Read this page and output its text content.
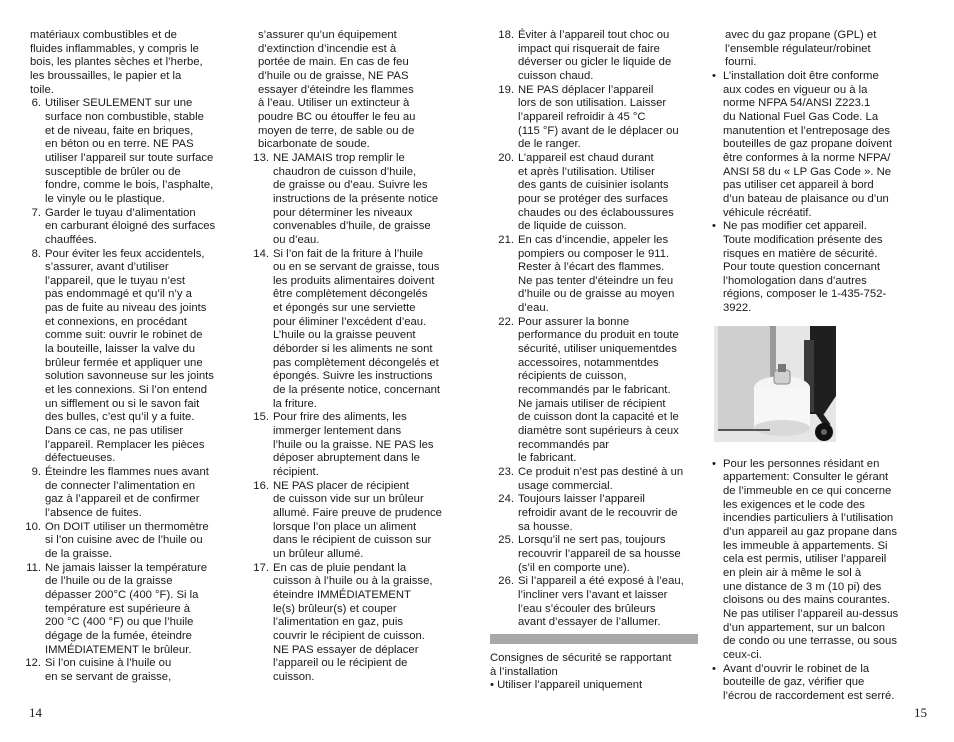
matériaux combustibles et de
fluides inflammables, y compris le
bois, les plantes sèches et l’herbe,
les broussailles, le papier et la
toile.
6. Utiliser SEULEMENT sur une
surface non combustible, stable
et de niveau, faite en briques,
en béton ou en terre. NE PAS
utiliser l’appareil sur toute surface
susceptible de brûler ou de
fondre, comme le bois, l’asphalte,
le vinyle ou le plastique.
7. Garder le tuyau d’alimentation
en carburant éloigné des surfaces
chauffées.
8. Pour éviter les feux accidentels,
s’assurer, avant d’utiliser
l’appareil, que le tuyau n’est
pas endommagé et qu’il n’y a
pas de fuite au niveau des joints
et connexions, en procédant
comme suit: ouvrir le robinet de
la bouteille, laisser la valve du
brûleur fermée et appliquer une
solution savonneuse sur les joints
et les connexions. Si l’on entend
un sifflement ou si le savon fait
des bulles, c’est qu’il y a fuite.
Dans ce cas, ne pas utiliser
l’appareil. Remplacer les pièces
défectueuses.
9. Éteindre les flammes nues avant
de connecter l’alimentation en
gaz à l’appareil et de confirmer
l’absence de fuites.
10. On DOIT utiliser un thermomètre
si l’on cuisine avec de l’huile ou
de la graisse.
11. Ne jamais laisser la température
de l’huile ou de la graisse
dépasser 200°C (400 °F). Si la
température est supérieure à
200 °C (400 °F) ou que l’huile
dégage de la fumée, éteindre
IMMÉDIATEMENT le brûleur.
12. Si l’on cuisine à l’huile ou
en se servant de graisse,
s’assurer qu’un équipement
d’extinction d’incendie est à
portée de main. En cas de feu
d’huile ou de graisse, NE PAS
essayer d’éteindre les flammes
à l’eau. Utiliser un extincteur à
poudre BC ou étouffer le feu au
moyen de terre, de sable ou de
bicarbonate de soude.
13. NE JAMAIS trop remplir le
chaudron de cuisson d’huile,
de graisse ou d’eau. Suivre les
instructions de la présente notice
pour déterminer les niveaux
convenables d’huile, de graisse
ou d’eau.
14. Si l’on fait de la friture à l’huile
ou en se servant de graisse, tous
les produits alimentaires doivent
être complètement décongelés
et épongés sur une serviette
pour éliminer l’excédent d’eau.
L’huile ou la graisse peuvent
déborder si les aliments ne sont
pas complètement décongelés et
épongés. Suivre les instructions
de la présente notice, concernant
la friture.
15. Pour frire des aliments, les
immerger lentement dans
l’huile ou la graisse. NE PAS les
déposer abruptement dans le
récipient.
16. NE PAS placer de récipient
de cuisson vide sur un brûleur
allumé. Faire preuve de prudence
lorsque l’on place un aliment
dans le récipient de cuisson sur
un brûleur allumé.
17. En cas de pluie pendant la
cuisson à l’huile ou à la graisse,
éteindre IMMÉDIATEMENT
le(s) brûleur(s) et couper
l’alimentation en gaz, puis
couvrir le récipient de cuisson.
NE PAS essayer de déplacer
l’appareil ou le récipient de
cuisson.
14
18. Éviter à l’appareil tout choc ou
impact qui risquerait de faire
déverser ou gicler le liquide de
cuisson chaud.
19. NE PAS déplacer l’appareil
lors de son utilisation. Laisser
l’appareil refroidir à 45 °C
(115 °F) avant de le déplacer ou
de le ranger.
20. L’appareil est chaud durant
et après l’utilisation. Utiliser
des gants de cuisinier isolants
pour se protéger des surfaces
chaudes ou des éclaboussures
de liquide de cuisson.
21. En cas d’incendie, appeler les
pompiers ou composer le 911.
Rester à l’écart des flammes.
Ne pas tenter d’éteindre un feu
d’huile ou de graisse au moyen
d’eau.
22. Pour assurer la bonne
performance du produit en toute
sécurité, utiliser uniquementdes
accessoires, notammentdes
récipients de cuisson,
recommandés par le fabricant.
Ne jamais utiliser de récipient
de cuisson dont la capacité et le
diamètre sont supérieurs à ceux
recommandés par
le fabricant.
23. Ce produit n’est pas destiné à un
usage commercial.
24. Toujours laisser l’appareil
refroidir avant de le recouvrir de
sa housse.
25. Lorsqu’il ne sert pas, toujours
recouvrir l’appareil de sa housse
(s’il en comporte une).
26. Si l’appareil a été exposé à l’eau,
l’incliner vers l’avant et laisser
l’eau s’écouler des brûleurs
avant d’essayer de l’allumer.
Consignes de sécurité se rapportant
à l’installation
• Utiliser l’appareil uniquement
avec du gaz propane (GPL) et
l’ensemble régulateur/robinet
fourni.
• L’installation doit être conforme
aux codes en vigueur ou à la
norme NFPA 54/ANSI Z223.1
du National Fuel Gas Code. La
manutention et l’entreposage des
bouteilles de gaz propane doivent
être conformes à la norme NFPA/
ANSI 58 du « LP Gas Code ». Ne
pas utiliser cet appareil à bord
d’un bateau de plaisance ou d’un
véhicule récréatif.
• Ne pas modifier cet appareil.
Toute modification présente des
risques en matière de sécurité.
Pour toute question concernant
l’homologation dans d’autres
régions, composer le 1-435-752-
3922.
• Pour les personnes résidant en
appartement: Consulter le gérant
de l’immeuble en ce qui concerne
les exigences et le code des
incendies particuliers à l’utilisation
d’un appareil au gaz propane dans
les immeuble à appartements. Si
cela est permis, utiliser l’appareil
en plein air à même le sol à
une distance de 3 m (10 pi) des
cloisons ou des mains courantes.
Ne pas utiliser l’appareil au-dessus
d’un appartement, sur un balcon
de condo ou une terrasse, ou sous
ceux-ci.
• Avant d’ouvrir le robinet de la
bouteille de gaz, vérifier que
l’écrou de raccordement est serré.
15
